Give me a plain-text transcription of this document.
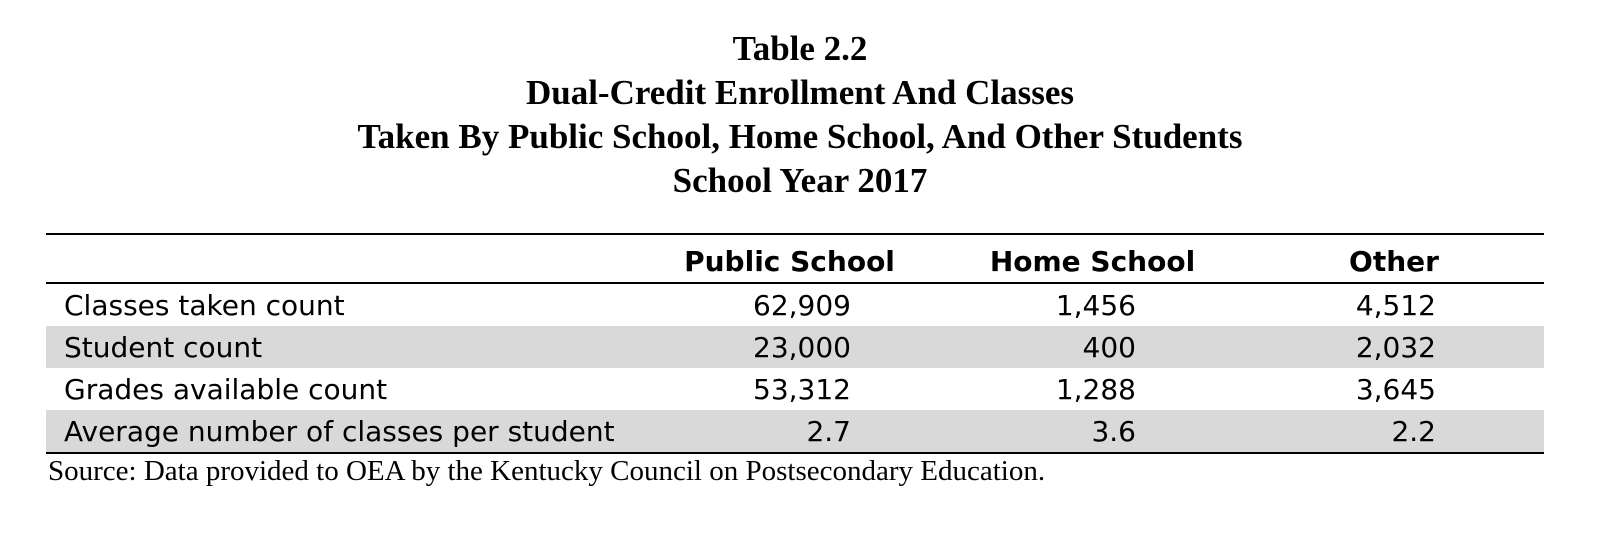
Table 2.2
Dual-Credit Enrollment And Classes
Taken By Public School, Home School, And Other Students
School Year 2017
	Public School	Home School	Other
Classes taken count	62,909	1,456	4,512
Student count	23,000	400	2,032
Grades available count	53,312	1,288	3,645
Average number of classes per student	2.7	3.6	2.2
Source: Data provided to OEA by the Kentucky Council on Postsecondary Education.
